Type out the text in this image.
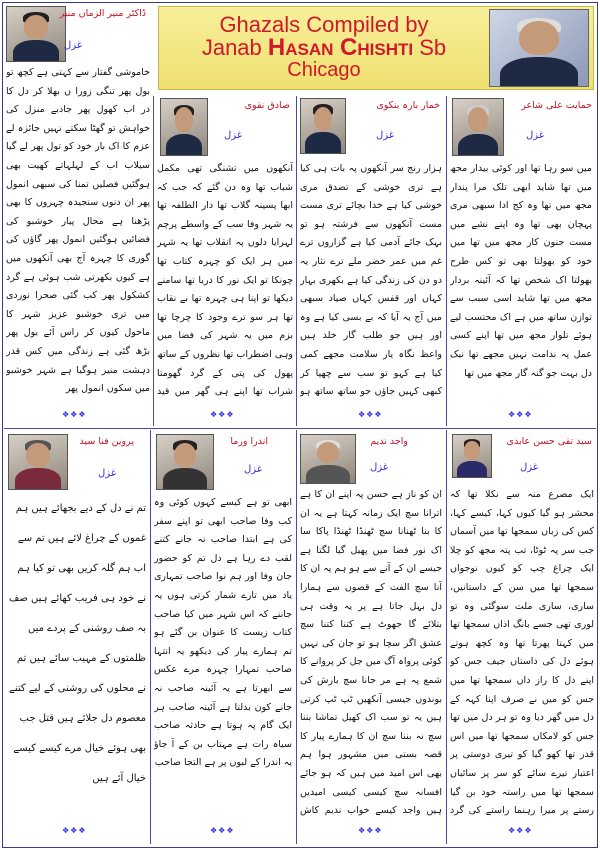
Ghazals Compiled by
Janab Hasan Chishti Sb
Chicago
ڈاکٹر منیر الزماں منیر
غزل
خاموشی گفتار سے کہتی ہے کچھ تو بول پھر تنگی زورا ں بھلا کر دل کا در اب کھول پھر جاذبے منزل کی خواہش تو گھٹا سکتے نہیں جائزہ لے عزم کا اک بار خود کو تول پھر لے گیا سیلاب اب کے لہلہاتے کھیت بھی ہوگئیں فصلیں تمنا کی سبھی انمول پھر ان دنوں سنجیدہ چہروں کا بھی پڑھنا ہے محال پیار خوشبو کی فضائیں ہوگئیں انمول پھر گاؤں کی گوری کا چہرہ آج بھی آنکھوں میں ہے کیوں بکھرتی شب ہوئی ہے گرد کشکول پھر کب گئی صحرا نوردی میں تری خوشبو عزیز شہر کا ماحول کیوں کر راس آئے بول پھر بڑھ گئی ہے زندگی میں کس قدر دہشت منیر ہوگیا ہے شہر خوشبو میں سکوں انمول پھر
❖❖❖
صادق نقوی
غزل
آنکھوں میں تشنگی تھی مکمل شباب تھا وہ دن گئے کہ جب کہ ابھا پسینہ گلاب تھا دار الطلفہ تھا یہ شہر وفا سب کے واسطے پرچم لہرایا دلوں پہ انقلاب تھا یہ شہر میں ہر ایک کو چہرہ کتاب تھا چونکا تو ایک نور کا دریا تھا سامنے دیکھا تو اپنا ہی چہرہ تھا بے نقاب تھا ہر سو ترے وجود کا چرچا تھا بزم میں یہ شہر کی فضا میں وہی اضطراب تھا نظروں کے ساتھ پھول کی پتی کے گرد گھومتا شراب تھا اپنے ہی گھر میں قید
❖❖❖
خمار بارہ بنکوی
غزل
ہزار رنج سر آنکھوں پہ بات ہی کیا ہے تری خوشی کے تصدق مری خوشی کیا ہے خدا بچائے تری مست مست آنکھوں سے فرشتہ ہو تو بہک جائے آدمی کیا ہے گزاروں ترے غم میں عمر خضر ملے ترے نثار یہ دو دن کی زندگی کیا ہے بکھری بہار کہاں اور قفس کہاں صیاد سبھی میں آج یہ آیا کہ بے بسی کیا ہے وہ اور ہیں جو طلب گار خلد ہیں واعظ نگاہ یار سلامت مجھے کمی کیا ہے کہو تو سب سے چھپا کر کبھی کہیں جاؤں جو ساتھ ساتھ ہو
❖❖❖
حمایت علی شاعر
غزل
میں سو رہا تھا اور کوئی بیدار مجھ میں تھا شاید ابھی تلک مرا پندار مجھ میں تھا وہ کج ادا سبھی مری پہچان بھی تھا وہ اپنے نشے میں مست جنون کار مجھ میں تھا میں خود کو بھولتا بھی تو کس طرح بھولتا اک شخص تھا کہ آئینہ بردار مجھ میں تھا شاید اسی سبب سے توازن ساتھ میں ہے اک محتسب لیے ہوئے تلوار مجھ میں تھا اپنے کسی عمل پہ ندامت نہیں مجھے تھا نیک دل بہت جو گنہ گار مجھ میں تھا
❖❖❖
پروین فنا سید
غزل
تم نے دل کے دیے بجھائے ہیں ہم غموں کے چراغ لائے ہیں تم سے اب ہم گلہ کریں بھی تو کیا ہم نے خود ہی فریب کھائے ہیں صف بہ صف روشنی کے پردے میں ظلمتوں کے مہیب سائے ہیں تم نے محلوں کی روشنی کے لیے کتنے معصوم دل جلائے ہیں قتل جب بھی ہوئے خیال مرے کیسے کیسے خیال آئے ہیں
❖❖❖
اندرا ورما
غزل
ابھی تو ہے کیسے کہوں کوئی وہ کب وفا صاحب ابھی تو اپنے سفر کی ہے ابتدا صاحب نہ جانے کتنے لقب دے رہا ہے دل تم کو حضور جان وفا اور ہم نوا صاحب تمہاری یاد میں تارے شمار کرتی ہوں یہ جاننے کہ اس شہر میں کیا صاحب کتاب زیست کا عنوان بن گئے ہو تم ہمارے پیار کی دیکھو یہ انتہا صاحب تمہارا چہرہ مرے عکس سے ابھرتا ہے یہ آئینہ صاحب نہ جانے کون بدلتا ہے آئینہ صاحب ہر ایک گام پہ ہوتا ہے حادثہ صاحب سیاہ رات ہے مہتاب بن کے آ جاؤ یہ اندرا کے لبوں پر ہے التجا صاحب
❖❖❖
واجد ندیم
غزل
ان کو ناز ہے حسن پہ اپنے ان کا ہے اترانا سچ ایک زمانہ کہتا ہے یہ ان کا بنا ٹھنانا سچ ٹھنڈا ٹھنڈا پاکا سا اک نور فضا میں پھیل گیا لگتا ہے جیسے ان کے آنے سے ہو ہم پہ ان کا آنا سچ الفت کے قصوں سے ہمارا دل بہل جاتا ہے پر یہ وقت ہی بتلائے گا جھوٹ ہے کتنا کتنا سچ عشق اگر سچا ہو تو جان کی نہیں کوئی پرواہ آگ میں جل کر پروانے کا شمع پہ ہے مر جانا سچ بارش کی بوندوں جیسی آنکھیں ٹپ ٹپ کرتی ہیں یہ تو سب اک کھیل تماشا بننا سچ نہ بننا سچ ان کا ہمارے پیار کا قصہ بستی میں مشہور ہوا ہم بھی اس امید میں ہیں کہ ہو جائے افسانہ سچ کیسی کیسی امیدیں ہیں واجد کیسے خواب ندیم کاش
❖❖❖
سید تقی حسن عابدی
غزل
ایک مصرع منہ سے نکلا تھا کہ محشر ہو گیا کیوں کہا، کیسے کہا، کس کی زباں سمجھا تھا میں آسماں جب سر پہ ٹوٹا، تب پتہ مجھ کو چلا ایک چراغ چپ کو کیوں نوجواں سمجھا تھا میں سن کے داستانیں، ساری، ساری ملت سوگئی وہ تو لوری تھی جسے بانگ اذاں سمجھا تھا میں کہتا پھرتا تھا وہ کچھ ہوتے ہوئے دل کی داستاں جیف جس کو اپنے دل کا راز داں سمجھا تھا میں جس کو میں نے صرف اپنا کہہ کے دل میں گھر دیا وہ تو ہر دل میں تھا جس کو لامکاں سمجھا تھا میں اس قدر تھا کھو گیا کو تیری دوستی پر اعتبار تیرے سائے کو سر پر سائباں سمجھا تھا میں راستہ خود بن گیا رستے پر میرا رہنما راستے کی گرد
❖❖❖
